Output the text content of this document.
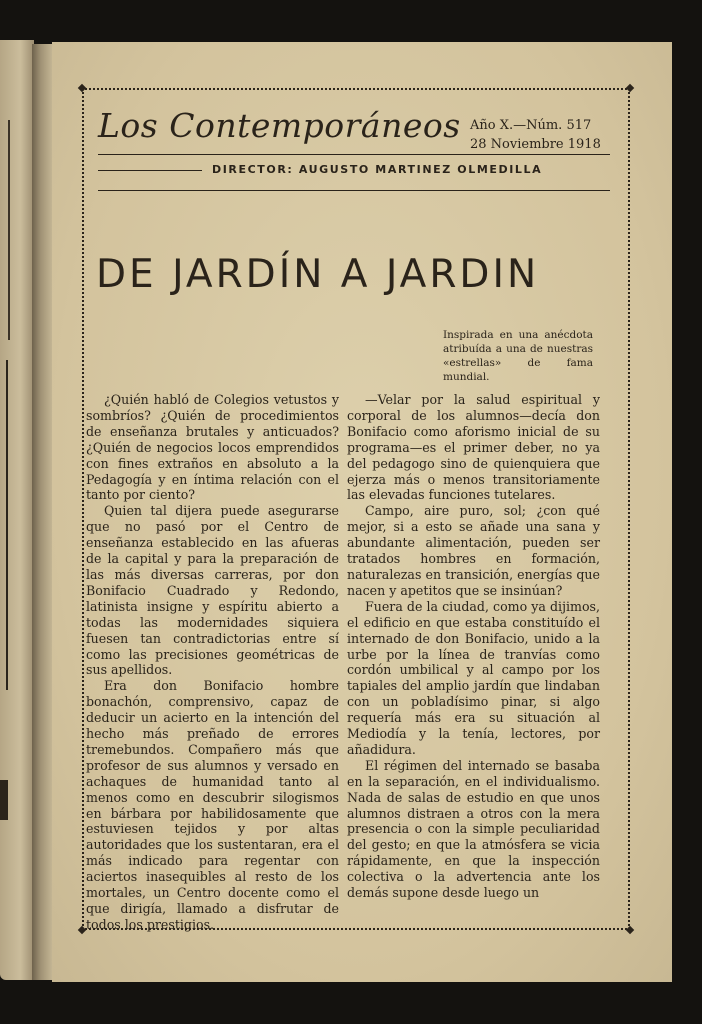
Los Contemporáneos Año X.—Núm. 517
28 Noviembre 1918
DIRECTOR: AUGUSTO MARTINEZ OLMEDILLA
DE JARDÍN A JARDIN
Inspirada en una anécdota atribuída a una de nuestras «estrellas» de fama mundial.

¿Quién habló de Colegios vetustos y sombríos? ¿Quién de procedimientos de enseñanza brutales y anticuados? ¿Quién de negocios locos emprendidos con fines extraños en absoluto a la Pedagogía y en íntima relación con el tanto por ciento?

Quien tal dijera puede asegurarse que no pasó por el Centro de enseñanza establecido en las afueras de la capital y para la preparación de las más diversas carreras, por don Bonifacio Cuadrado y Redondo, latinista insigne y espíritu abierto a todas las modernidades siquiera fuesen tan contradictorias entre sí como las precisiones geométricas de sus apellidos.

Era don Bonifacio hombre bonachón, comprensivo, capaz de deducir un acierto en la intención del hecho más preñado de errores tremebundos. Compañero más que profesor de sus alumnos y versado en achaques de humanidad tanto al menos como en descubrir silogismos en bárbara por habilidosamente que estuviesen tejidos y por altas autoridades que los sustentaran, era el más indicado para regentar con aciertos inasequibles al resto de los mortales, un Centro docente como el que dirigía, llamado a disfrutar de todos los prestigios.

—Velar por la salud espiritual y corporal de los alumnos—decía don Bonifacio como aforismo inicial de su programa—es el primer deber, no ya del pedagogo sino de quienquiera que ejerza más o menos transitoriamente las elevadas funciones tutelares.

Campo, aire puro, sol; ¿con qué mejor, si a esto se añade una sana y abundante alimentación, pueden ser tratados hombres en formación, naturalezas en transición, energías que nacen y apetitos que se insinúan?

Fuera de la ciudad, como ya dijimos, el edificio en que estaba constituído el internado de don Bonifacio, unido a la urbe por la línea de tranvías como cordón umbilical y al campo por los tapiales del amplio jardín que lindaban con un pobladísimo pinar, si algo requería más era su situación al Mediodía y la tenía, lectores, por añadidura.

El régimen del internado se basaba en la separación, en el individualismo. Nada de salas de estudio en que unos alumnos distraen a otros con la mera presencia o con la simple peculiaridad del gesto; en que la atmósfera se vicia rápidamente, en que la inspección colectiva o la advertencia ante los demás supone desde luego un
